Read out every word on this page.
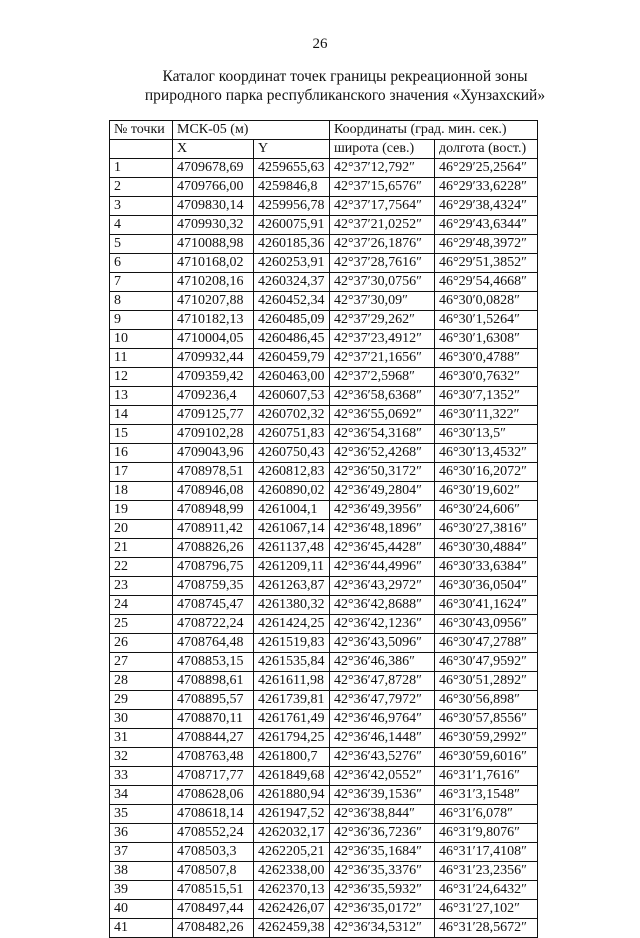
26
Каталог координат точек границы рекреационной зоны
природного парка республиканского значения «Хунзахский»
№ точки	МСК-05 (м)		Координаты (град. мин. сек.)	
	X	Y	широта (сев.)	долгота (вост.)
1	4709678,69	4259655,63	42°37′12,792″	46°29′25,2564″
2	4709766,00	4259846,8	42°37′15,6576″	46°29′33,6228″
3	4709830,14	4259956,78	42°37′17,7564″	46°29′38,4324″
4	4709930,32	4260075,91	42°37′21,0252″	46°29′43,6344″
5	4710088,98	4260185,36	42°37′26,1876″	46°29′48,3972″
6	4710168,02	4260253,91	42°37′28,7616″	46°29′51,3852″
7	4710208,16	4260324,37	42°37′30,0756″	46°29′54,4668″
8	4710207,88	4260452,34	42°37′30,09″	46°30′0,0828″
9	4710182,13	4260485,09	42°37′29,262″	46°30′1,5264″
10	4710004,05	4260486,45	42°37′23,4912″	46°30′1,6308″
11	4709932,44	4260459,79	42°37′21,1656″	46°30′0,4788″
12	4709359,42	4260463,00	42°37′2,5968″	46°30′0,7632″
13	4709236,4	4260607,53	42°36′58,6368″	46°30′7,1352″
14	4709125,77	4260702,32	42°36′55,0692″	46°30′11,322″
15	4709102,28	4260751,83	42°36′54,3168″	46°30′13,5″
16	4709043,96	4260750,43	42°36′52,4268″	46°30′13,4532″
17	4708978,51	4260812,83	42°36′50,3172″	46°30′16,2072″
18	4708946,08	4260890,02	42°36′49,2804″	46°30′19,602″
19	4708948,99	4261004,1	42°36′49,3956″	46°30′24,606″
20	4708911,42	4261067,14	42°36′48,1896″	46°30′27,3816″
21	4708826,26	4261137,48	42°36′45,4428″	46°30′30,4884″
22	4708796,75	4261209,11	42°36′44,4996″	46°30′33,6384″
23	4708759,35	4261263,87	42°36′43,2972″	46°30′36,0504″
24	4708745,47	4261380,32	42°36′42,8688″	46°30′41,1624″
25	4708722,24	4261424,25	42°36′42,1236″	46°30′43,0956″
26	4708764,48	4261519,83	42°36′43,5096″	46°30′47,2788″
27	4708853,15	4261535,84	42°36′46,386″	46°30′47,9592″
28	4708898,61	4261611,98	42°36′47,8728″	46°30′51,2892″
29	4708895,57	4261739,81	42°36′47,7972″	46°30′56,898″
30	4708870,11	4261761,49	42°36′46,9764″	46°30′57,8556″
31	4708844,27	4261794,25	42°36′46,1448″	46°30′59,2992″
32	4708763,48	4261800,7	42°36′43,5276″	46°30′59,6016″
33	4708717,77	4261849,68	42°36′42,0552″	46°31′1,7616″
34	4708628,06	4261880,94	42°36′39,1536″	46°31′3,1548″
35	4708618,14	4261947,52	42°36′38,844″	46°31′6,078″
36	4708552,24	4262032,17	42°36′36,7236″	46°31′9,8076″
37	4708503,3	4262205,21	42°36′35,1684″	46°31′17,4108″
38	4708507,8	4262338,00	42°36′35,3376″	46°31′23,2356″
39	4708515,51	4262370,13	42°36′35,5932″	46°31′24,6432″
40	4708497,44	4262426,07	42°36′35,0172″	46°31′27,102″
41	4708482,26	4262459,38	42°36′34,5312″	46°31′28,5672″
